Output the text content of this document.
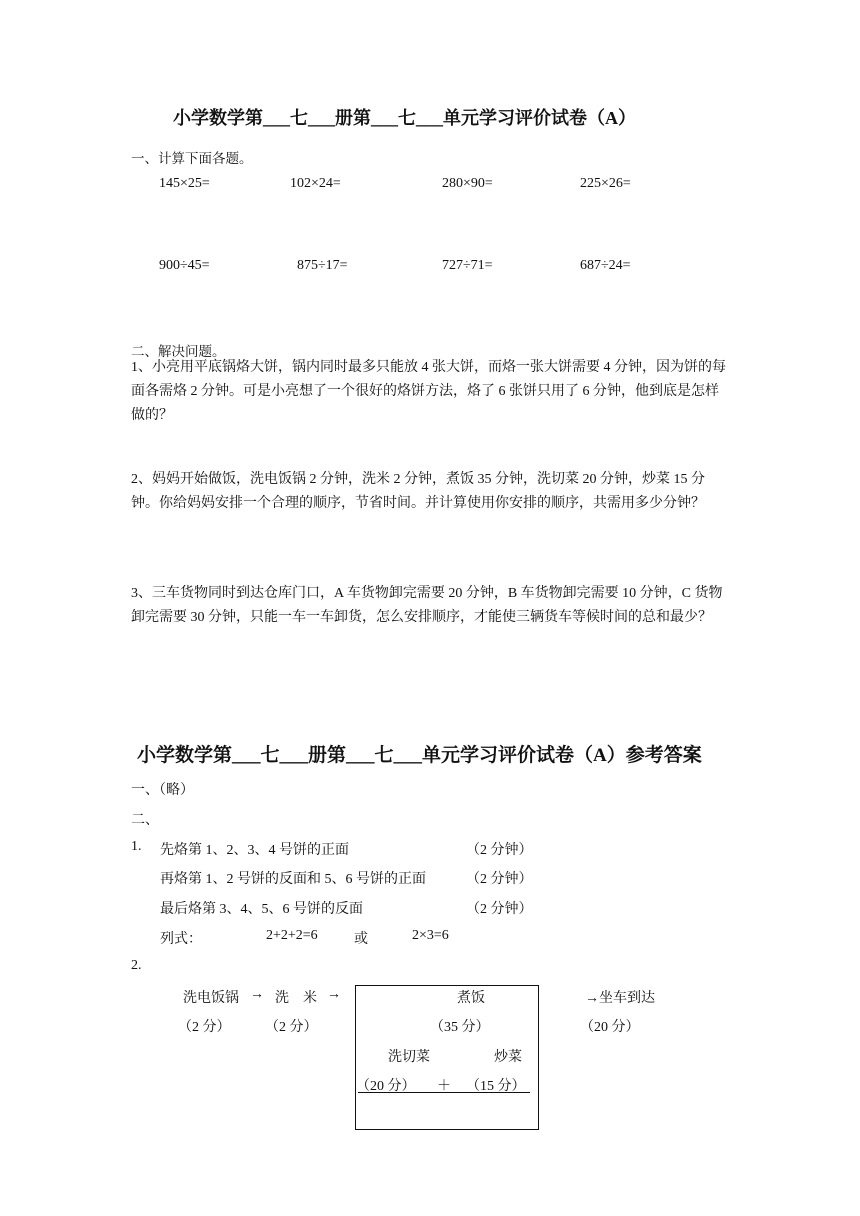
小学数学第___七___册第___七___单元学习评价试卷（A）
一、计算下面各题。
145×25=	102×24=	280×90=	225×26=
900÷45=	875÷17=	727÷71=	687÷24=
二、解决问题。
1、小亮用平底锅烙大饼，锅内同时最多只能放 4 张大饼，而烙一张大饼需要 4 分钟，因为饼的每面各需烙 2 分钟。可是小亮想了一个很好的烙饼方法，烙了 6 张饼只用了 6 分钟，他到底是怎样做的？
2、妈妈开始做饭，洗电饭锅 2 分钟，洗米 2 分钟，煮饭 35 分钟，洗切菜 20 分钟，炒菜 15 分钟。你给妈妈安排一个合理的顺序，节省时间。并计算使用你安排的顺序，共需用多少分钟？
3、三车货物同时到达仓库门口，A 车货物卸完需要 20 分钟，B 车货物卸完需要 10 分钟，C 货物卸完需要 30 分钟，只能一车一车卸货，怎么安排顺序，才能使三辆货车等候时间的总和最少？
小学数学第___七___册第___七___单元学习评价试卷（A）参考答案
一、（略）
二、
1. 先烙第 1、2、3、4 号饼的正面	（2 分钟）
再烙第 1、2 号饼的反面和 5、6 号饼的正面	（2 分钟）
最后烙第 3、4、5、6 号饼的反面	（2 分钟）
列式：	2+2+2=6	或	2×3=6
2.
洗电饭锅 → 洗　米 →
（2 分） （2 分）
煮饭
（35 分）
洗切菜	炒菜
（20 分） ＋ （15 分）
→坐车到达
（20 分）
